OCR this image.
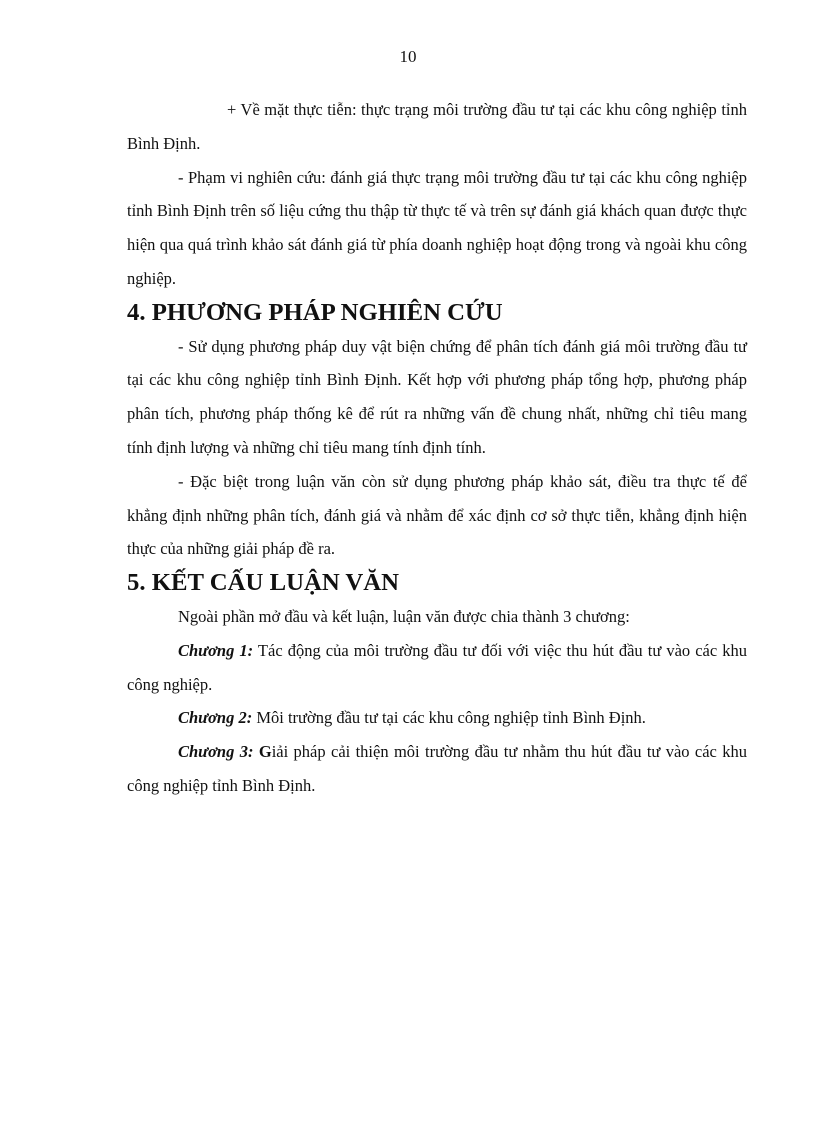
10

+ Về mặt thực tiễn: thực trạng môi trường đầu tư tại các khu công nghiệp tỉnh Bình Định.

- Phạm vi nghiên cứu: đánh giá thực trạng môi trường đầu tư tại các khu công nghiệp tỉnh Bình Định trên số liệu cứng thu thập từ thực tế và trên sự đánh giá khách quan được thực hiện qua quá trình khảo sát đánh giá từ phía doanh nghiệp hoạt động trong và ngoài khu công nghiệp.

4. PHƯƠNG PHÁP NGHIÊN CỨU

- Sử dụng phương pháp duy vật biện chứng để phân tích đánh giá môi trường đầu tư tại các khu công nghiệp tỉnh Bình Định. Kết hợp với phương pháp tổng hợp, phương pháp phân tích, phương pháp thống kê để rút ra những vấn đề chung nhất, những chỉ tiêu mang tính định lượng và những chỉ tiêu mang tính định tính.

- Đặc biệt trong luận văn còn sử dụng phương pháp khảo sát, điều tra thực tế để khẳng định những phân tích, đánh giá và nhằm để xác định cơ sở thực tiễn, khẳng định hiện thực của những giải pháp đề ra.

5. KẾT CẤU LUẬN VĂN

Ngoài phần mở đầu và kết luận, luận văn được chia thành 3 chương:

Chương 1: Tác động của môi trường đầu tư đối với việc thu hút đầu tư vào các khu công nghiệp.

Chương 2: Môi trường đầu tư tại các khu công nghiệp tỉnh Bình Định.

Chương 3: Giải pháp cải thiện môi trường đầu tư nhằm thu hút đầu tư vào các khu công nghiệp tỉnh Bình Định.
